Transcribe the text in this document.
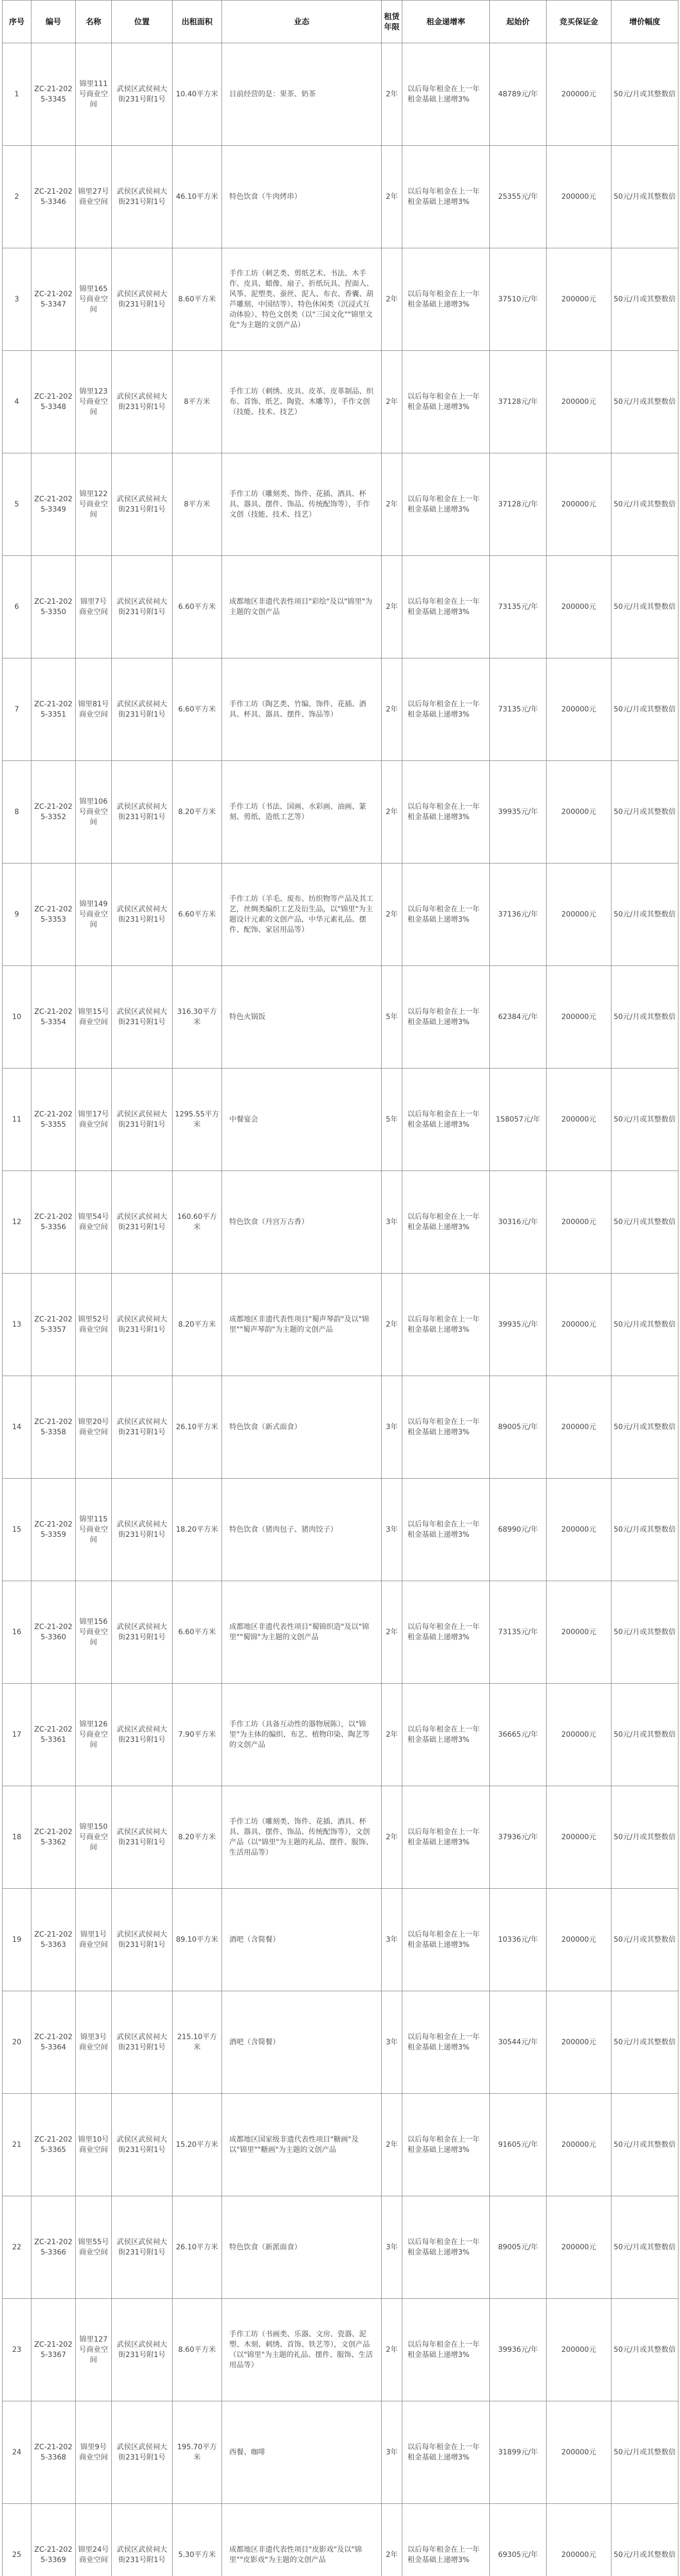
序号	编号	名称	位置	出租面积	业态	租赁年限	租金递增率	起始价	竞买保证金	增价幅度
1	ZC-21-2025-3345	锦里111号商业空间	武侯区武侯祠大街231号附1号	10.40平方米	目前经营的是：果茶、奶茶	2年	以后每年租金在上一年租金基础上递增3%	48789元/年	200000元	50元/月或其整数倍
2	ZC-21-2025-3346	锦里27号商业空间	武侯区武侯祠大街231号附1号	46.10平方米	特色饮食（牛肉烤串）	2年	以后每年租金在上一年租金基础上递增3%	25355元/年	200000元	50元/月或其整数倍
3	ZC-21-2025-3347	锦里165号商业空间	武侯区武侯祠大街231号附1号	8.60平方米	手作工坊（刺艺类、剪纸艺术、书法、木手作、皮具、蜡像、扇子、折纸玩具、捏面人、风筝、泥塑类、蚕丝、泥人、布衣、香囊、葫芦雕刻、中国结等）、特色休闲类（沉浸式互动体验）、特色文创类（以"三国文化""锦里文化"为主题的文创产品）	2年	以后每年租金在上一年租金基础上递增3%	37510元/年	200000元	50元/月或其整数倍
4	ZC-21-2025-3348	锦里123号商业空间	武侯区武侯祠大街231号附1号	8平方米	手作工坊（刺绣、皮具、皮革、皮革制品、织布、首饰、纸艺、陶瓷、木雕等），手作文创（技能、技术、技艺）	2年	以后每年租金在上一年租金基础上递增3%	37128元/年	200000元	50元/月或其整数倍
5	ZC-21-2025-3349	锦里122号商业空间	武侯区武侯祠大街231号附1号	8平方米	手作工坊（雕刻类、饰件、花插、酒具、杯具、器具、摆件、饰品、传统配饰等），手作文创（技能、技术、技艺）	2年	以后每年租金在上一年租金基础上递增3%	37128元/年	200000元	50元/月或其整数倍
6	ZC-21-2025-3350	锦里7号商业空间	武侯区武侯祠大街231号附1号	6.60平方米	成都地区非遗代表性项目"彩绘"及以"锦里"为主题的文创产品	2年	以后每年租金在上一年租金基础上递增3%	73135元/年	200000元	50元/月或其整数倍
7	ZC-21-2025-3351	锦里81号商业空间	武侯区武侯祠大街231号附1号	6.60平方米	手作工坊（陶艺类、竹编、饰件、花插、酒具、杯具、器具、摆件、饰品等）	2年	以后每年租金在上一年租金基础上递增3%	73135元/年	200000元	50元/月或其整数倍
8	ZC-21-2025-3352	锦里106号商业空间	武侯区武侯祠大街231号附1号	8.20平方米	手作工坊（书法、国画、水彩画、油画、篆刻、剪纸、造纸工艺等）	2年	以后每年租金在上一年租金基础上递增3%	39935元/年	200000元	50元/月或其整数倍
9	ZC-21-2025-3353	锦里149号商业空间	武侯区武侯祠大街231号附1号	6.60平方米	手作工坊（羊毛、废布、纺织物等产品及其工艺，丝绸类编织工艺及衍生品，以"锦里"为主题设计元素的文创产品，中华元素礼品、摆件、配饰、家居用品等）	2年	以后每年租金在上一年租金基础上递增3%	37136元/年	200000元	50元/月或其整数倍
10	ZC-21-2025-3354	锦里15号商业空间	武侯区武侯祠大街231号附1号	316.30平方米	特色火锅饭	5年	以后每年租金在上一年租金基础上递增3%	62384元/年	200000元	50元/月或其整数倍
11	ZC-21-2025-3355	锦里17号商业空间	武侯区武侯祠大街231号附1号	1295.55平方米	中餐宴会	5年	以后每年租金在上一年租金基础上递增3%	158057元/年	200000元	50元/月或其整数倍
12	ZC-21-2025-3356	锦里54号商业空间	武侯区武侯祠大街231号附1号	160.60平方米	特色饮食（丹宫万古香）	3年	以后每年租金在上一年租金基础上递增3%	30316元/年	200000元	50元/月或其整数倍
13	ZC-21-2025-3357	锦里52号商业空间	武侯区武侯祠大街231号附1号	8.20平方米	成都地区非遗代表性项目"蜀声琴韵"及以"锦里""蜀声琴韵"为主题的文创产品	2年	以后每年租金在上一年租金基础上递增3%	39935元/年	200000元	50元/月或其整数倍
14	ZC-21-2025-3358	锦里20号商业空间	武侯区武侯祠大街231号附1号	26.10平方米	特色饮食（新式面食）	3年	以后每年租金在上一年租金基础上递增3%	89005元/年	200000元	50元/月或其整数倍
15	ZC-21-2025-3359	锦里115号商业空间	武侯区武侯祠大街231号附1号	18.20平方米	特色饮食（猪肉包子、猪肉饺子）	3年	以后每年租金在上一年租金基础上递增3%	68990元/年	200000元	50元/月或其整数倍
16	ZC-21-2025-3360	锦里156号商业空间	武侯区武侯祠大街231号附1号	6.60平方米	成都地区非遗代表性项目"蜀锦织造"及以"锦里""蜀锦"为主题的文创产品	2年	以后每年租金在上一年租金基础上递增3%	73135元/年	200000元	50元/月或其整数倍
17	ZC-21-2025-3361	锦里126号商业空间	武侯区武侯祠大街231号附1号	7.90平方米	手作工坊（具备互动性的器物展陈），以"锦里"为主体的编织、布艺、植物印染、陶艺等的文创产品	2年	以后每年租金在上一年租金基础上递增3%	36665元/年	200000元	50元/月或其整数倍
18	ZC-21-2025-3362	锦里150号商业空间	武侯区武侯祠大街231号附1号	8.20平方米	手作工坊（雕刻类、饰件、花插、酒具、杯具、器具、摆件、饰品、传统配饰等），文创产品（以"锦里"为主题的礼品、摆件、服饰、生活用品等）	2年	以后每年租金在上一年租金基础上递增3%	37936元/年	200000元	50元/月或其整数倍
19	ZC-21-2025-3363	锦里1号商业空间	武侯区武侯祠大街231号附1号	89.10平方米	酒吧（含简餐）	3年	以后每年租金在上一年租金基础上递增3%	10336元/年	200000元	50元/月或其整数倍
20	ZC-21-2025-3364	锦里3号商业空间	武侯区武侯祠大街231号附1号	215.10平方米	酒吧（含简餐）	3年	以后每年租金在上一年租金基础上递增3%	30544元/年	200000元	50元/月或其整数倍
21	ZC-21-2025-3365	锦里10号商业空间	武侯区武侯祠大街231号附1号	15.20平方米	成都地区国家级非遗代表性项目"糖画"及以"锦里""糖画"为主题的文创产品	2年	以后每年租金在上一年租金基础上递增3%	91605元/年	200000元	50元/月或其整数倍
22	ZC-21-2025-3366	锦里55号商业空间	武侯区武侯祠大街231号附1号	26.10平方米	特色饮食（新派面食）	3年	以后每年租金在上一年租金基础上递增3%	89005元/年	200000元	50元/月或其整数倍
23	ZC-21-2025-3367	锦里127号商业空间	武侯区武侯祠大街231号附1号	8.60平方米	手作工坊（书画类、乐器、文房、瓷器、泥塑、木刻、刺绣、首饰、铁艺等），文创产品（以"锦里"为主题的礼品、摆件、服饰、生活用品等）	2年	以后每年租金在上一年租金基础上递增3%	39936元/年	200000元	50元/月或其整数倍
24	ZC-21-2025-3368	锦里9号商业空间	武侯区武侯祠大街231号附1号	195.70平方米	西餐、咖啡	3年	以后每年租金在上一年租金基础上递增3%	31899元/年	200000元	50元/月或其整数倍
25	ZC-21-2025-3369	锦里24号商业空间	武侯区武侯祠大街231号附1号	5.30平方米	成都地区非遗代表性项目"皮影戏"及以"锦里""皮影戏"为主题的文创产品	2年	以后每年租金在上一年租金基础上递增3%	69305元/年	200000元	50元/月或其整数倍
